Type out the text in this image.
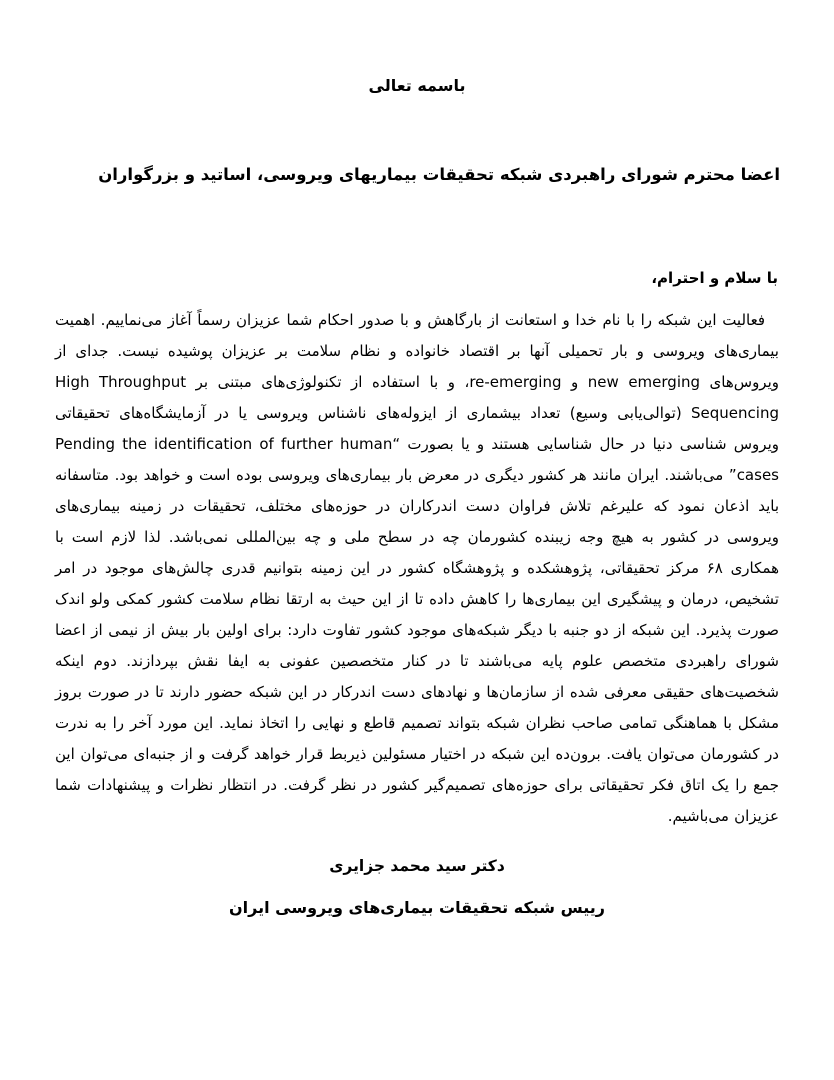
باسمه تعالی
اعضا محترم شورای راهبردی شبکه تحقیقات بیماریهای ویروسی، اساتید و بزرگواران
با سلام و احترام،

فعالیت این شبکه را با نام خدا و استعانت از بارگاهش و با صدور احکام شما عزیزان رسماً آغاز می‌نماییم. اهمیت بیماری‌های ویروسی و بار تحمیلی آنها بر اقتصاد خانواده و نظام سلامت بر عزیزان پوشیده نیست. جدای از ویروس‌های new emerging و re-emerging، و با استفاده از تکنولوژی‌های مبتنی بر High Throughput Sequencing (توالی‌یابی وسیع) تعداد بیشماری از ایزوله‌های ناشناس ویروسی یا در آزمایشگاه‌های تحقیقاتی ویروس شناسی دنیا در حال شناسایی هستند و یا بصورت “Pending the identification of further human cases” می‌باشند. ایران مانند هر کشور دیگری در معرض بار بیماری‌های ویروسی بوده است و خواهد بود. متاسفانه باید اذعان نمود که علیرغم تلاش فراوان دست اندرکاران در حوزه‌های مختلف، تحقیقات در زمینه بیماری‌های ویروسی در کشور به هیچ وجه زیبنده کشورمان چه در سطح ملی و چه بین‌المللی نمی‌باشد. لذا لازم است با همکاری ۶۸ مرکز تحقیقاتی، پژوهشکده و پژوهشگاه کشور در این زمینه بتوانیم قدری چالش‌های موجود در امر تشخیص، درمان و پیشگیری این بیماری‌ها را کاهش داده تا از این حیث به ارتقا نظام سلامت کشور کمکی ولو اندک صورت پذیرد. این شبکه از دو جنبه با دیگر شبکه‌های موجود کشور تفاوت دارد: برای اولین بار بیش از نیمی از اعضا شورای راهبردی متخصص علوم پایه می‌باشند تا در کنار متخصصین عفونی به ایفا نقش بپردازند. دوم اینکه شخصیت‌های حقیقی معرفی شده از سازمان‌ها و نهادهای دست اندرکار در این شبکه حضور دارند تا در صورت بروز مشکل با هماهنگی تمامی صاحب نظران شبکه بتواند تصمیم قاطع و نهایی را اتخاذ نماید. این مورد آخر را به ندرت در کشورمان می‌توان یافت. برون‌ده این شبکه در اختیار مسئولین ذیربط قرار خواهد گرفت و از جنبه‌ای می‌توان این جمع را یک اتاق فکر تحقیقاتی برای حوزه‌های تصمیم‌گیر کشور در نظر گرفت. در انتظار نظرات و پیشنهادات شما عزیزان می‌باشیم.

دکتر سید محمد جزایری
رییس شبکه تحقیقات بیماری‌های ویروسی ایران
